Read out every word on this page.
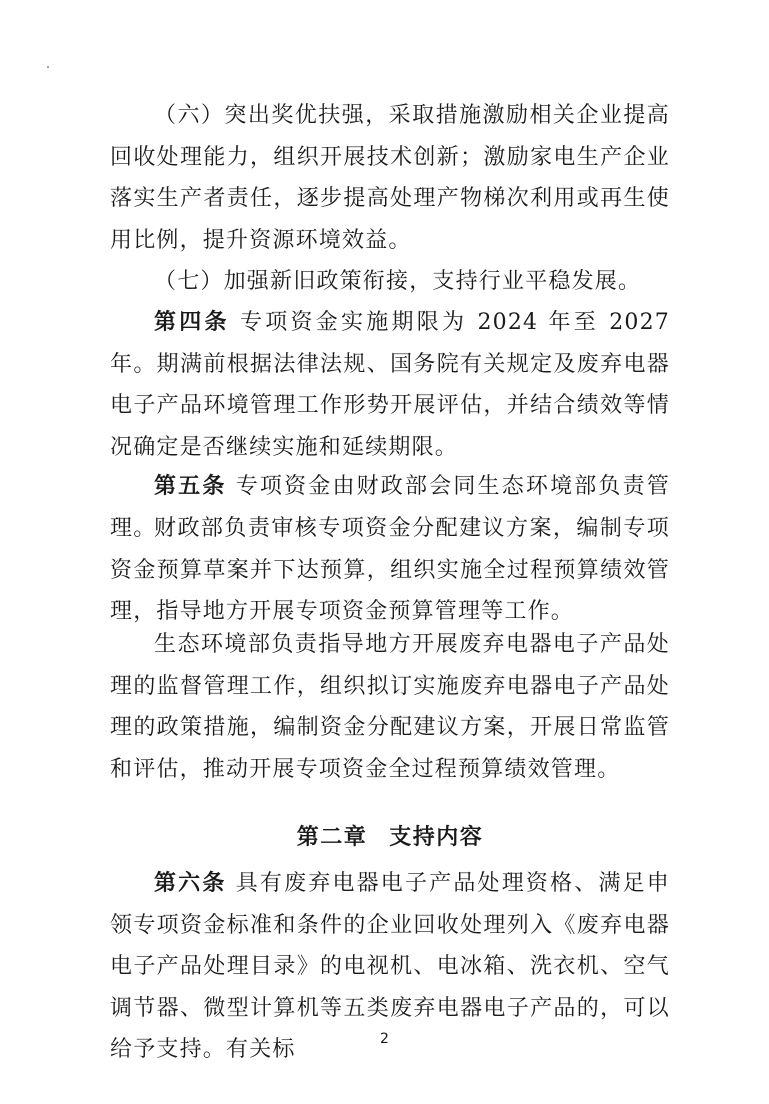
（六）突出奖优扶强，采取措施激励相关企业提高回收处理能力，组织开展技术创新；激励家电生产企业落实生产者责任，逐步提高处理产物梯次利用或再生使用比例，提升资源环境效益。
（七）加强新旧政策衔接，支持行业平稳发展。
第四条 专项资金实施期限为 2024 年至 2027 年。期满前根据法律法规、国务院有关规定及废弃电器电子产品环境管理工作形势开展评估，并结合绩效等情况确定是否继续实施和延续期限。
第五条 专项资金由财政部会同生态环境部负责管理。
财政部负责审核专项资金分配建议方案，编制专项资金预算草案并下达预算，组织实施全过程预算绩效管理，指导地方开展专项资金预算管理等工作。
生态环境部负责指导地方开展废弃电器电子产品处理的监督管理工作，组织拟订实施废弃电器电子产品处理的政策措施，编制资金分配建议方案，开展日常监管和评估，推动开展专项资金全过程预算绩效管理。
第二章 支持内容
第六条 具有废弃电器电子产品处理资格、满足申领专项资金标准和条件的企业回收处理列入《废弃电器电子产品处理目录》的电视机、电冰箱、洗衣机、空气调节器、微型计算机等五类废弃电器电子产品的，可以给予支持。有关标	2
